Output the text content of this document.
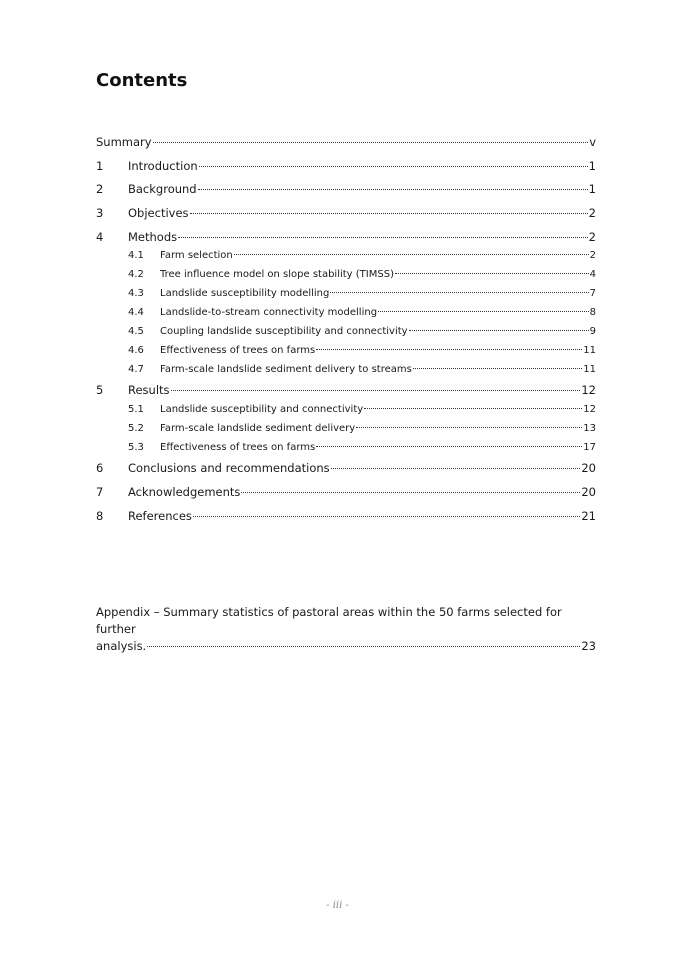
Contents
Summary	v
1	Introduction	1
2	Background	1
3	Objectives	2
4	Methods	2
4.1	Farm selection	2
4.2	Tree influence model on slope stability (TIMSS)	4
4.3	Landslide susceptibility modelling	7
4.4	Landslide-to-stream connectivity modelling	8
4.5	Coupling landslide susceptibility and connectivity	9
4.6	Effectiveness of trees on farms	11
4.7	Farm-scale landslide sediment delivery to streams	11
5	Results	12
5.1	Landslide susceptibility and connectivity	12
5.2	Farm-scale landslide sediment delivery	13
5.3	Effectiveness of trees on farms	17
6	Conclusions and recommendations	20
7	Acknowledgements	20
8	References	21
Appendix – Summary statistics of pastoral areas within the 50 farms selected for further
analysis.	23
- iii -
